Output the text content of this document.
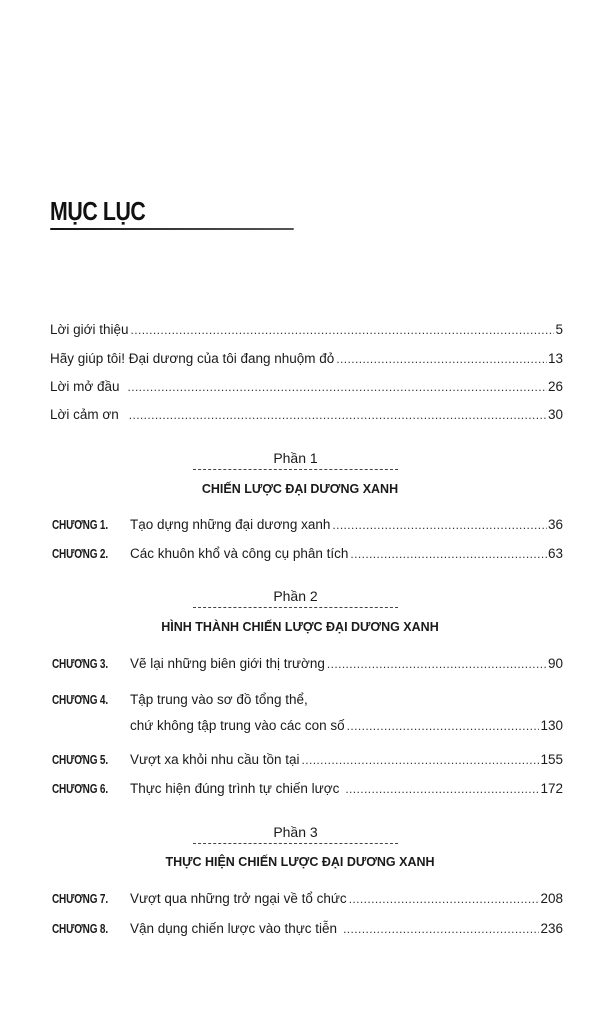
MỤC LỤC
Lời giới thiệu .....	5
Hãy giúp tôi! Đại dương của tôi đang nhuộm đỏ .....	13
Lời mở đầu .....	26
Lời cảm ơn .....	30
Phần 1
CHIẾN LƯỢC ĐẠI DƯƠNG XANH
CHƯƠNG 1.	Tạo dựng những đại dương xanh .....	36
CHƯƠNG 2.	Các khuôn khổ và công cụ phân tích .....	63
Phần 2
HÌNH THÀNH CHIẾN LƯỢC ĐẠI DƯƠNG XANH
CHƯƠNG 3.	Vẽ lại những biên giới thị trường .....	90
CHƯƠNG 4.	Tập trung vào sơ đồ tổng thể,
chứ không tập trung vào các con số .....	130
CHƯƠNG 5.	Vượt xa khỏi nhu cầu tồn tại .....	155
CHƯƠNG 6.	Thực hiện đúng trình tự chiến lược .....	172
Phần 3
THỰC HIỆN CHIẾN LƯỢC ĐẠI DƯƠNG XANH
CHƯƠNG 7.	Vượt qua những trở ngại về tổ chức .....	208
CHƯƠNG 8.	Vận dụng chiến lược vào thực tiễn .....	236
